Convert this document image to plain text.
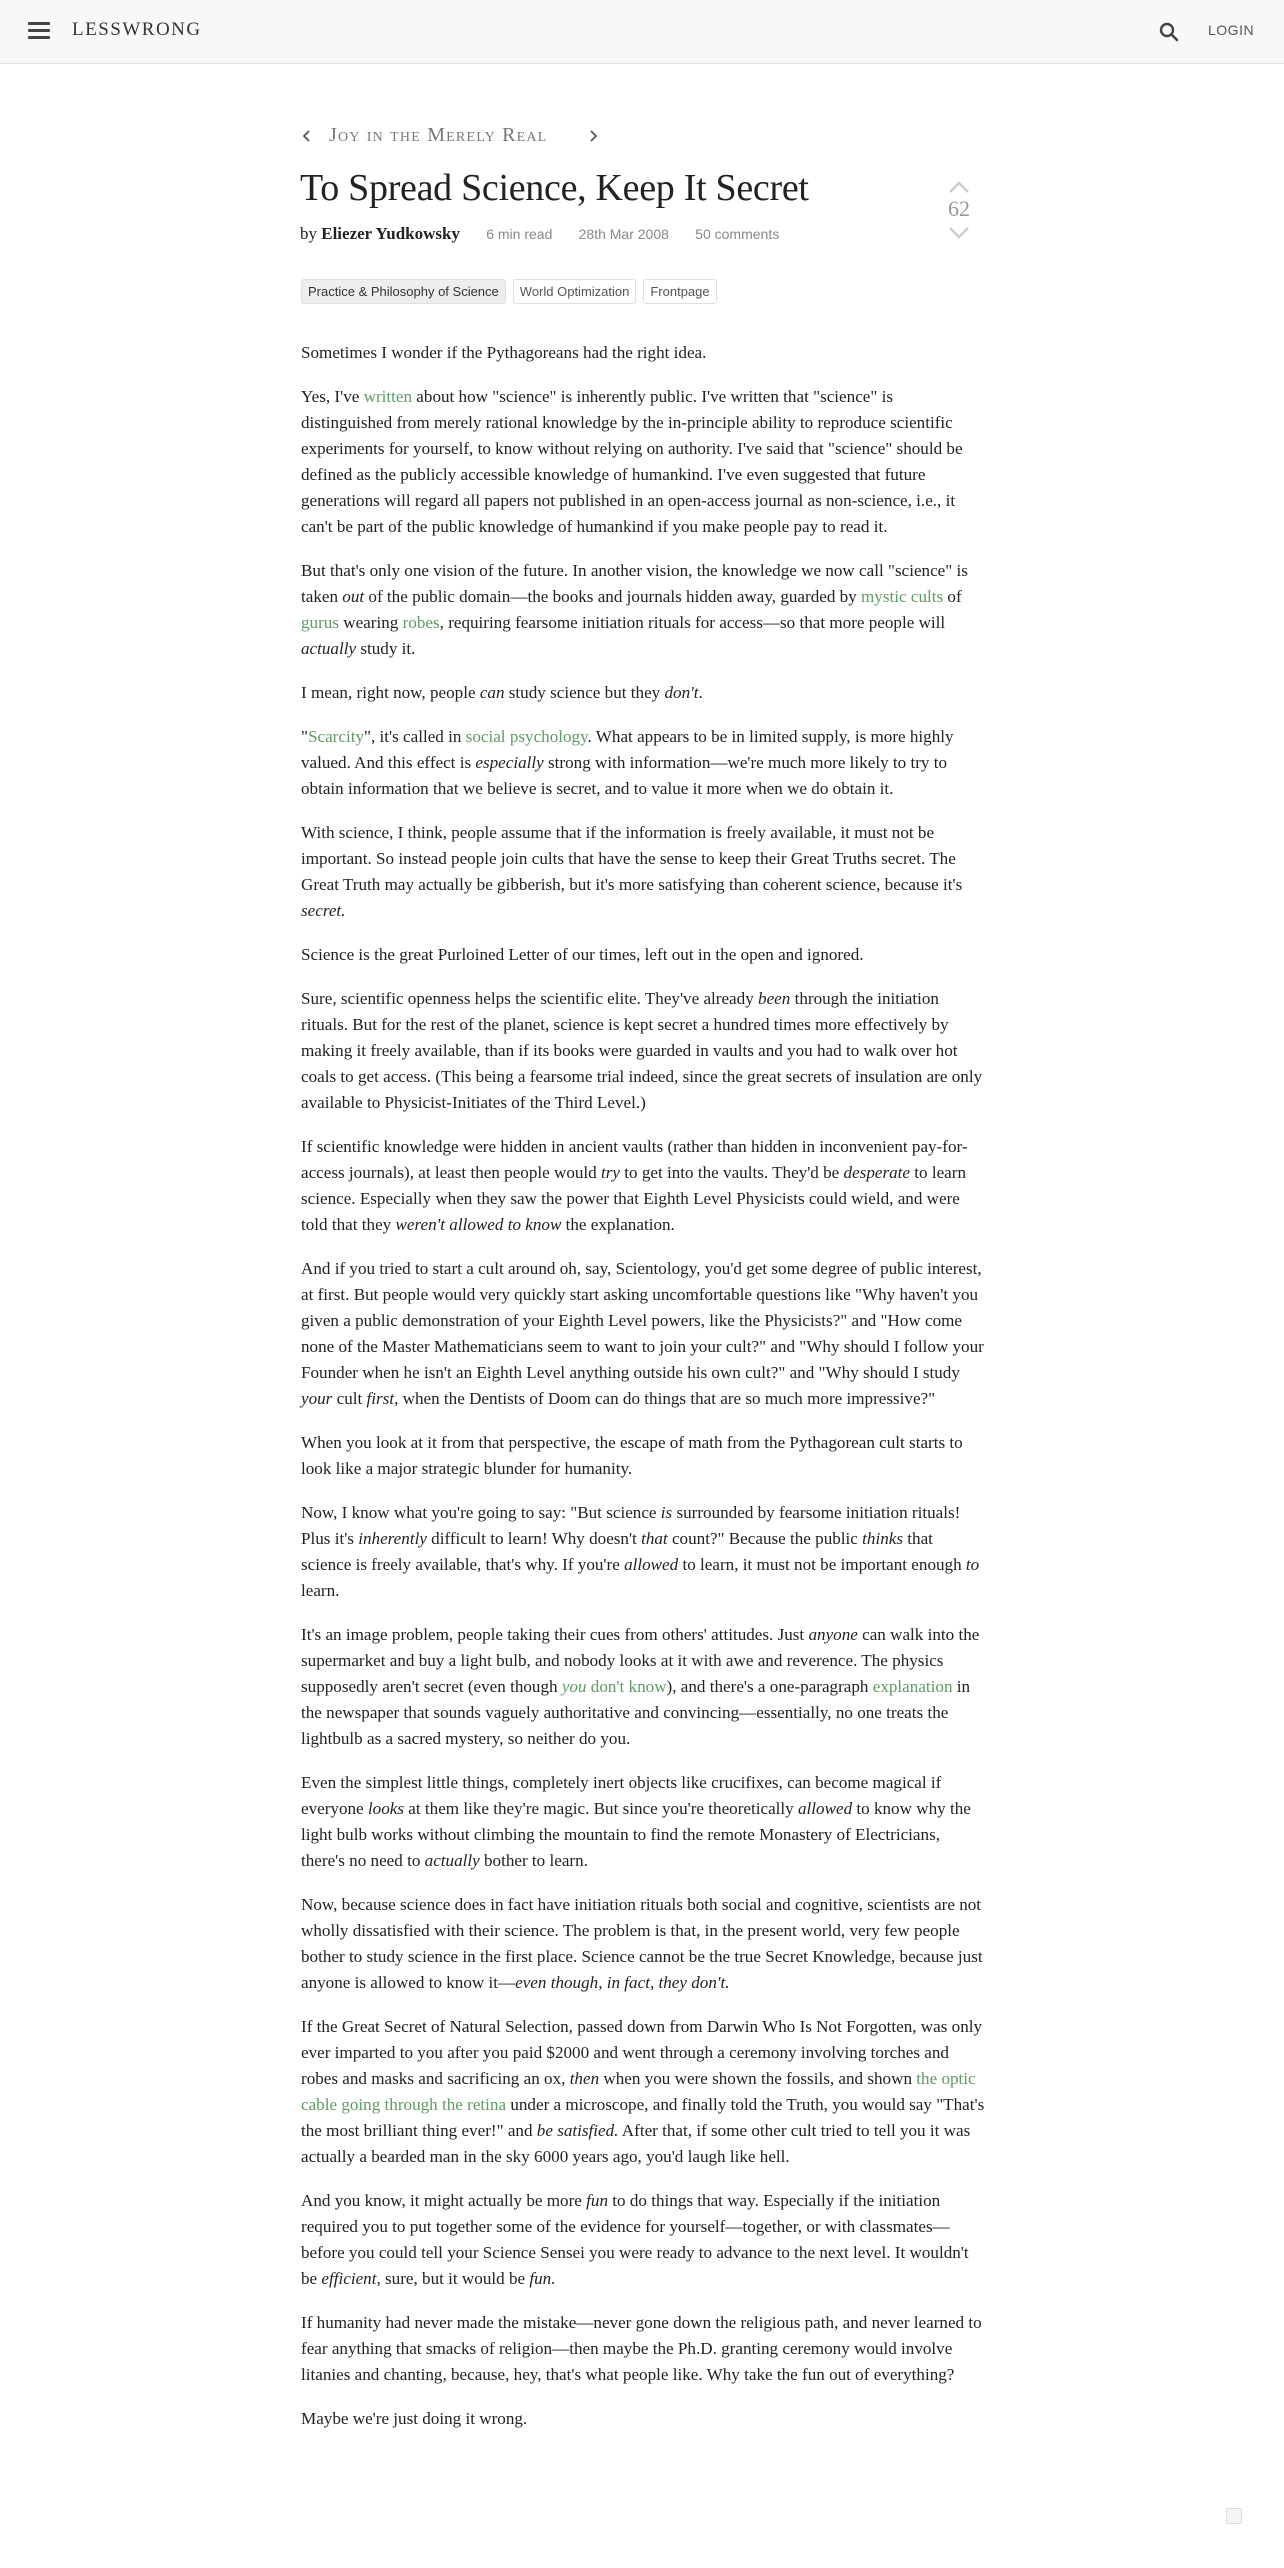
LESSWRONG	LOGIN
Joy in the Merely Real
To Spread Science, Keep It Secret
by Eliezer Yudkowsky 6 min read 28th Mar 2008 50 comments
62
Practice & Philosophy of Science World Optimization Frontpage

Sometimes I wonder if the Pythagoreans had the right idea.

Yes, I've written about how "science" is inherently public. I've written that "science" is distinguished from merely rational knowledge by the in-principle ability to reproduce scientific experiments for yourself, to know without relying on authority. I've said that "science" should be defined as the publicly accessible knowledge of humankind. I've even suggested that future generations will regard all papers not published in an open-access journal as non-science, i.e., it can't be part of the public knowledge of humankind if you make people pay to read it.

But that's only one vision of the future. In another vision, the knowledge we now call "science" is taken out of the public domain—the books and journals hidden away, guarded by mystic cults of gurus wearing robes, requiring fearsome initiation rituals for access—so that more people will actually study it.

I mean, right now, people can study science but they don't.

"Scarcity", it's called in social psychology. What appears to be in limited supply, is more highly valued. And this effect is especially strong with information—we're much more likely to try to obtain information that we believe is secret, and to value it more when we do obtain it.

With science, I think, people assume that if the information is freely available, it must not be important. So instead people join cults that have the sense to keep their Great Truths secret. The Great Truth may actually be gibberish, but it's more satisfying than coherent science, because it's secret.

Science is the great Purloined Letter of our times, left out in the open and ignored.

Sure, scientific openness helps the scientific elite. They've already been through the initiation rituals. But for the rest of the planet, science is kept secret a hundred times more effectively by making it freely available, than if its books were guarded in vaults and you had to walk over hot coals to get access. (This being a fearsome trial indeed, since the great secrets of insulation are only available to Physicist-Initiates of the Third Level.)

If scientific knowledge were hidden in ancient vaults (rather than hidden in inconvenient pay-for-access journals), at least then people would try to get into the vaults. They'd be desperate to learn science. Especially when they saw the power that Eighth Level Physicists could wield, and were told that they weren't allowed to know the explanation.

And if you tried to start a cult around oh, say, Scientology, you'd get some degree of public interest, at first. But people would very quickly start asking uncomfortable questions like "Why haven't you given a public demonstration of your Eighth Level powers, like the Physicists?" and "How come none of the Master Mathematicians seem to want to join your cult?" and "Why should I follow your Founder when he isn't an Eighth Level anything outside his own cult?" and "Why should I study your cult first, when the Dentists of Doom can do things that are so much more impressive?"

When you look at it from that perspective, the escape of math from the Pythagorean cult starts to look like a major strategic blunder for humanity.

Now, I know what you're going to say: "But science is surrounded by fearsome initiation rituals! Plus it's inherently difficult to learn! Why doesn't that count?" Because the public thinks that science is freely available, that's why. If you're allowed to learn, it must not be important enough to learn.

It's an image problem, people taking their cues from others' attitudes. Just anyone can walk into the supermarket and buy a light bulb, and nobody looks at it with awe and reverence. The physics supposedly aren't secret (even though you don't know), and there's a one-paragraph explanation in the newspaper that sounds vaguely authoritative and convincing—essentially, no one treats the lightbulb as a sacred mystery, so neither do you.

Even the simplest little things, completely inert objects like crucifixes, can become magical if everyone looks at them like they're magic. But since you're theoretically allowed to know why the light bulb works without climbing the mountain to find the remote Monastery of Electricians, there's no need to actually bother to learn.

Now, because science does in fact have initiation rituals both social and cognitive, scientists are not wholly dissatisfied with their science. The problem is that, in the present world, very few people bother to study science in the first place. Science cannot be the true Secret Knowledge, because just anyone is allowed to know it—even though, in fact, they don't.

If the Great Secret of Natural Selection, passed down from Darwin Who Is Not Forgotten, was only ever imparted to you after you paid $2000 and went through a ceremony involving torches and robes and masks and sacrificing an ox, then when you were shown the fossils, and shown the optic cable going through the retina under a microscope, and finally told the Truth, you would say "That's the most brilliant thing ever!" and be satisfied. After that, if some other cult tried to tell you it was actually a bearded man in the sky 6000 years ago, you'd laugh like hell.

And you know, it might actually be more fun to do things that way. Especially if the initiation required you to put together some of the evidence for yourself—together, or with classmates—before you could tell your Science Sensei you were ready to advance to the next level. It wouldn't be efficient, sure, but it would be fun.

If humanity had never made the mistake—never gone down the religious path, and never learned to fear anything that smacks of religion—then maybe the Ph.D. granting ceremony would involve litanies and chanting, because, hey, that's what people like. Why take the fun out of everything?

Maybe we're just doing it wrong.
